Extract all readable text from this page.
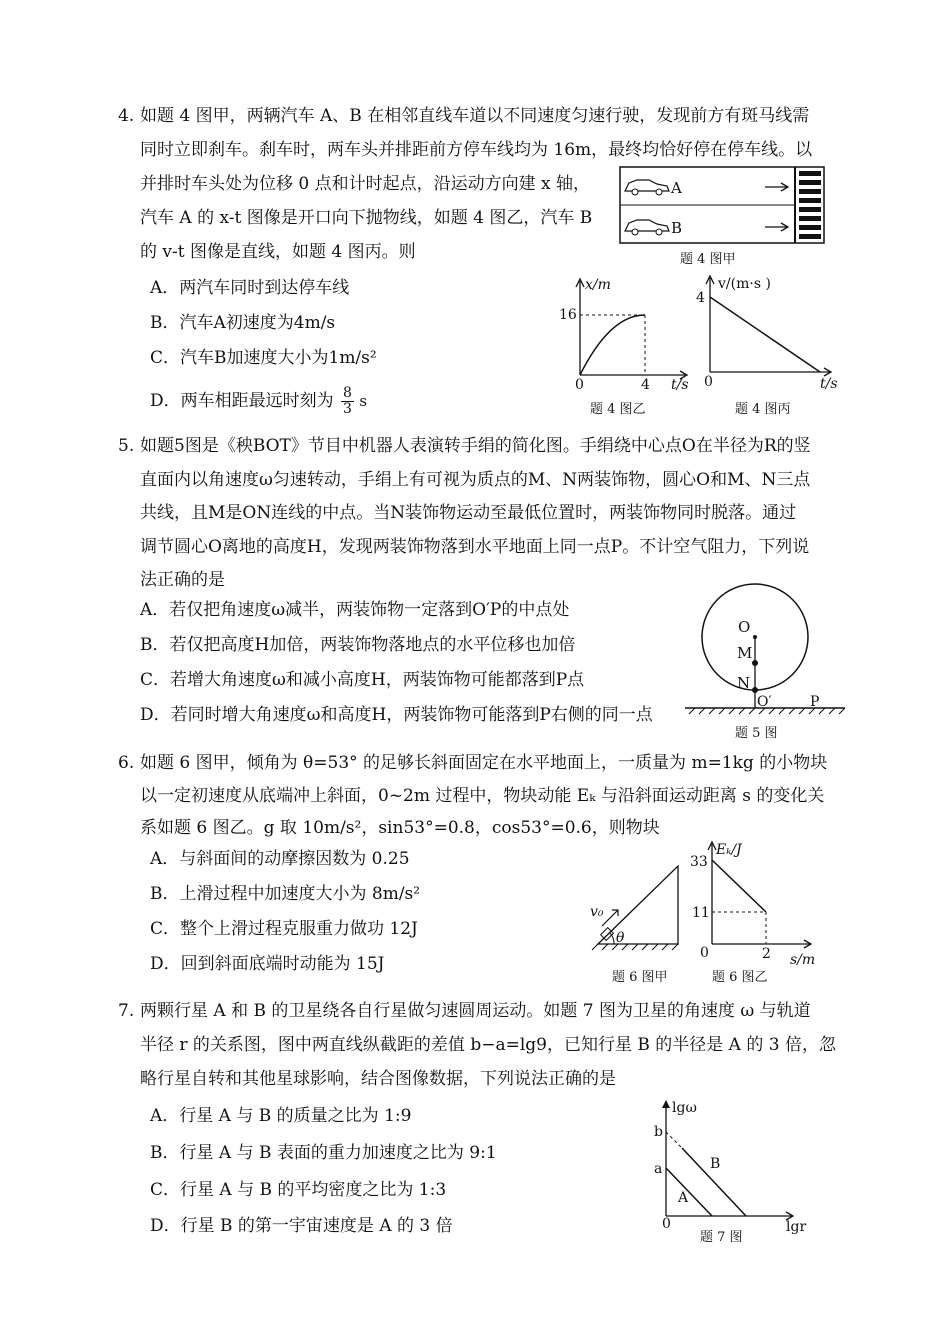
4. 如题 4 图甲，两辆汽车 A、B 在相邻直线车道以不同速度匀速行驶，发现前方有斑马线需
同时立即刹车。刹车时，两车头并排距前方停车线均为 16m，最终均恰好停在停车线。以
并排时车头处为位移 0 点和计时起点，沿运动方向建 x 轴，
汽车 A 的 x-t 图像是开口向下抛物线，如题 4 图乙，汽车 B
的 v-t 图像是直线，如题 4 图丙。则
A．两汽车同时到达停车线
B．汽车A初速度为4m/s
C．汽车B加速度大小为1m/s²
D．两车相距最远时刻为 $\frac{8}{3}$ s
A
B
题 4 图甲
x/m
16
0	4 t/s
题 4 图乙
v/(m·s )
4
0	t/s
题 4 图丙
5. 如题5图是《秧BOT》节目中机器人表演转手绢的简化图。手绢绕中心点O在半径为R的竖
直面内以角速度ω匀速转动，手绢上有可视为质点的M、N两装饰物，圆心O和M、N三点
共线，且M是ON连线的中点。当N装饰物运动至最低位置时，两装饰物同时脱落。通过
调节圆心O离地的高度H，发现两装饰物落到水平地面上同一点P。不计空气阻力，下列说
法正确的是
A．若仅把角速度ω减半，两装饰物一定落到O′P的中点处
B．若仅把高度H加倍，两装饰物落地点的水平位移也加倍
C．若增大角速度ω和减小高度H，两装饰物可能都落到P点
D．若同时增大角速度ω和高度H，两装饰物可能落到P右侧的同一点
O
M
N
O′	P
题 5 图
6. 如题 6 图甲，倾角为 θ=53° 的足够长斜面固定在水平地面上，一质量为 m=1kg 的小物块
以一定初速度从底端冲上斜面，0~2m 过程中，物块动能 Eₖ 与沿斜面运动距离 s 的变化关
系如题 6 图乙。g 取 10m/s²，sin53°=0.8，cos53°=0.6，则物块
A．与斜面间的动摩擦因数为 0.25
B．上滑过程中加速度大小为 8m/s²
C．整个上滑过程克服重力做功 12J
D．回到斜面底端时动能为 15J
v₀
θ
题 6 图甲
Eₖ/J
33
11
0	2 s/m
题 6 图乙
7. 两颗行星 A 和 B 的卫星绕各自行星做匀速圆周运动。如题 7 图为卫星的角速度 ω 与轨道
半径 r 的关系图，图中两直线纵截距的差值 b−a=lg9，已知行星 B 的半径是 A 的 3 倍，忽
略行星自转和其他星球影响，结合图像数据，下列说法正确的是
A．行星 A 与 B 的质量之比为 1:9
B．行星 A 与 B 表面的重力加速度之比为 9:1
C．行星 A 与 B 的平均密度之比为 1:3
D．行星 B 的第一宇宙速度是 A 的 3 倍
lgω
b
a
A
B
0	lgr
题 7 图
